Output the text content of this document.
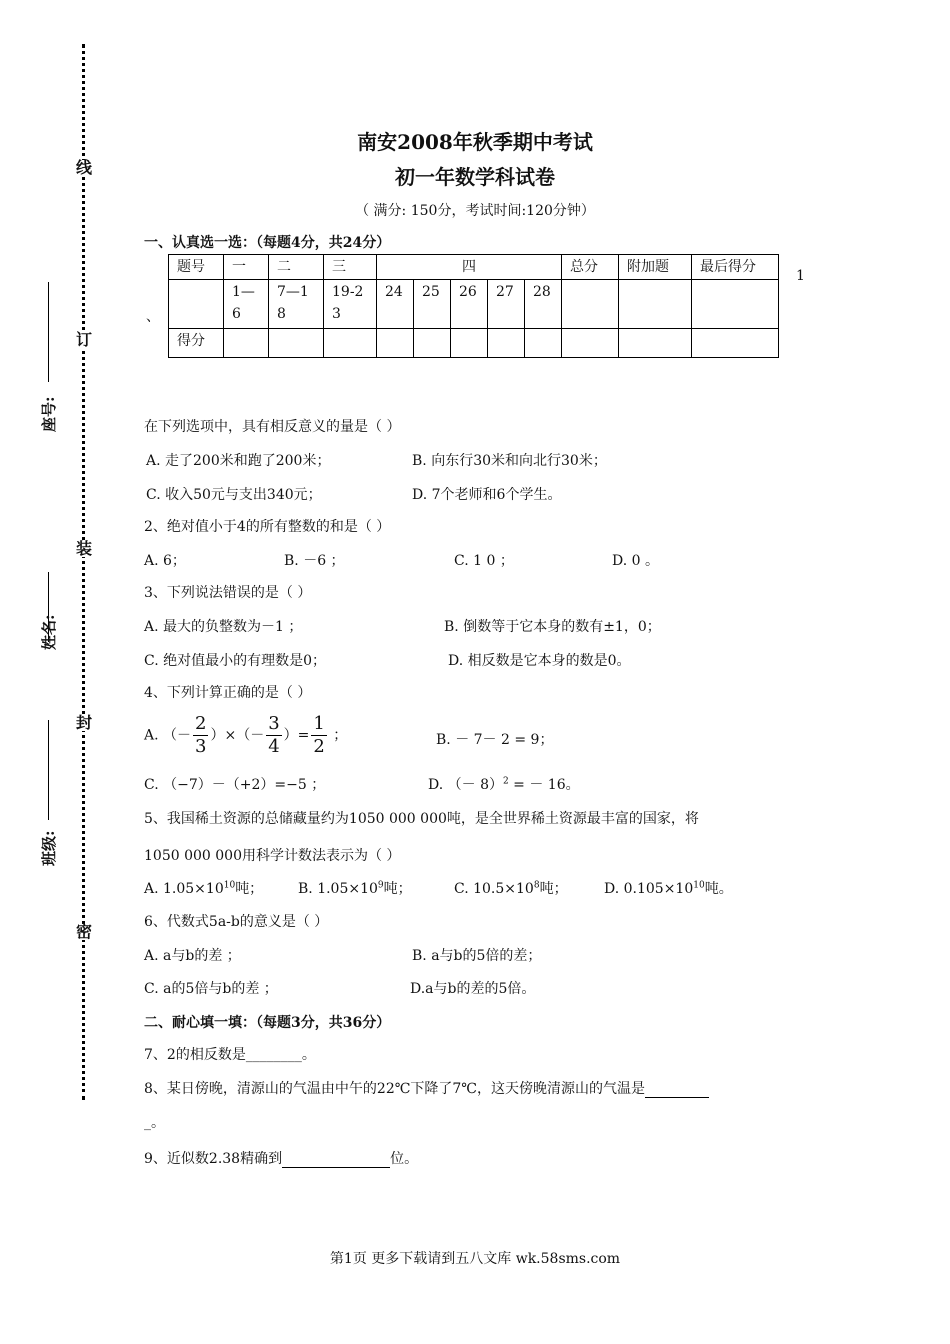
线
订
装
封
密
座号:
姓名:
班级:
南安2008年秋季期中考试
初一年数学科试卷
（ 满分: 150分，考试时间:120分钟）
一、认真选一选：（每题4分，共24分）
、
1
题号	一	二	三	四					总分	附加题	最后得分
	1—6	7—18	19-23	24	25	26	27	28			
得分											
在下列选项中，具有相反意义的量是（ ）
A. 走了200米和跑了200米；	B. 向东行30米和向北行30米；
C. 收入50元与支出340元；	D. 7个老师和6个学生。
2、绝对值小于4的所有整数的和是（ ）
A. 6；	B. －6 ；	C. 1 0 ；	D. 0 。
3、下列说法错误的是（ ）
A. 最大的负整数为－1 ；	B. 倒数等于它本身的数有±1，0；
C. 绝对值最小的有理数是0；	D. 相反数是它本身的数是0。
4、下列计算正确的是（ ）
A. （－ $\frac{2}{3}$ ）×（－ $\frac{3}{4}$ ）= $\frac{1}{2}$ ；	B. － 7－ 2 = 9；
C. （−7）－（+2）=−5 ；	D. （－ 8）$^2$ = － 16。
5、我国稀土资源的总储藏量约为1050 000 000吨，是全世界稀土资源最丰富的国家，将
1050 000 000用科学计数法表示为（ ）
A. $1.05\times 10^{10}$吨； B. $1.05\times 10^9$吨；	C. $10.5\times 10^8$吨；	D. $0.105\times 10^{10}$吨。
6、代数式5a-b的意义是（ ）
A. a与b的差 ；	B. a与b的5倍的差；
C. a的5倍与b的差 ；	D.a与b的差的5倍。
二、耐心填一填：（每题3分，共36分）
7、2的相反数是________。
8、某日傍晚，清源山的气温由中午的22℃下降了7℃，这天傍晚清源山的气温是
_。
9、近似数2.38精确到	位。
第1页 更多下载请到五八文库 wk.58sms.com
